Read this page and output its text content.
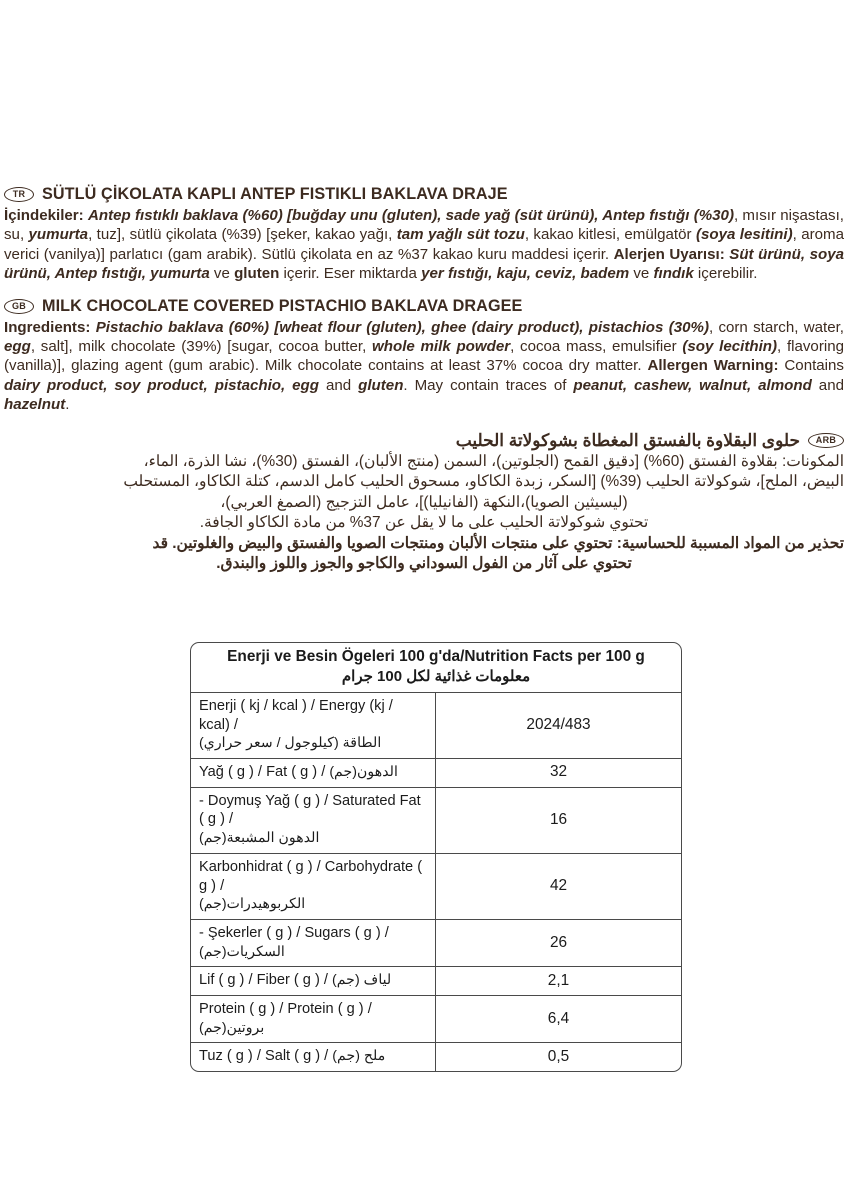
TR	SÜTLÜ ÇİKOLATA KAPLI ANTEP FISTIKLI BAKLAVA DRAJE
İçindekiler: Antep fıstıklı baklava (%60) [buğday unu (gluten), sade yağ (süt ürünü), Antep fıstığı (%30), mısır nişastası, su, yumurta, tuz], sütlü çikolata (%39) [şeker, kakao yağı, tam yağlı süt tozu, kakao kitlesi, emülgatör (soya lesitini), aroma verici (vanilya)] parlatıcı (gam arabik). Sütlü çikolata en az %37 kakao kuru maddesi içerir. Alerjen Uyarısı: Süt ürünü, soya ürünü, Antep fıstığı, yumurta ve gluten içerir. Eser miktarda yer fıstığı, kaju, ceviz, badem ve fındık içerebilir.
GB MILK CHOCOLATE COVERED PISTACHIO BAKLAVA DRAGEE
Ingredients: Pistachio baklava (60%) [wheat flour (gluten), ghee (dairy product), pistachios (30%), corn starch, water, egg, salt], milk chocolate (39%) [sugar, cocoa butter, whole milk powder, cocoa mass, emulsifier (soy lecithin), flavoring (vanilla)], glazing agent (gum arabic). Milk chocolate contains at least 37% cocoa dry matter. Allergen Warning: Contains dairy product, soy product, pistachio, egg and gluten. May contain traces of peanut, cashew, walnut, almond and hazelnut.
ARB
حلوى البقلاوة بالفستق المغطاة بشوكولاتة الحليب
المكونات: بقلاوة الفستق (60%) [دقيق القمح (الجلوتين)، السمن (منتج الألبان)، الفستق (30%)، نشا الذرة، الماء،
البيض، الملح]، شوكولاتة الحليب (39%) [السكر، زبدة الكاكاو، مسحوق الحليب كامل الدسم، كتلة الكاكاو، المستحلب
(ليسيثين الصويا)،النكهة (الفانيليا)]، عامل التزجيج (الصمغ العربي)،
تحتوي شوكولاتة الحليب على ما لا يقل عن 37% من مادة الكاكاو الجافة.
تحذير من المواد المسببة للحساسية: تحتوي على منتجات الألبان ومنتجات الصويا والفستق والبيض والغلوتين. قد
تحتوي على آثار من الفول السوداني والكاجو والجوز واللوز والبندق.
Enerji ve Besin Ögeleri 100 g'da/Nutrition Facts per 100 g
معلومات غذائية لكل 100 جرام	

Enerji ( kj / kcal ) / Energy (kj / kcal) /
الطاقة (كيلوجول / سعر حراري)	2024/483
Yağ ( g ) / Fat ( g ) / الدهون(جم)	32
- Doymuş Yağ ( g ) / Saturated Fat ( g ) /
الدهون المشبعة(جم)	16
Karbonhidrat ( g ) / Carbohydrate ( g ) /
الكربوهيدرات(جم)	42
- Şekerler ( g ) / Sugars ( g ) / السكريات(جم)	26
Lif ( g ) / Fiber ( g ) / لياف (جم)	2,1
Protein ( g ) / Protein ( g ) / بروتين(جم)	6,4
Tuz ( g ) / Salt ( g ) / ملح (جم)	0,5
